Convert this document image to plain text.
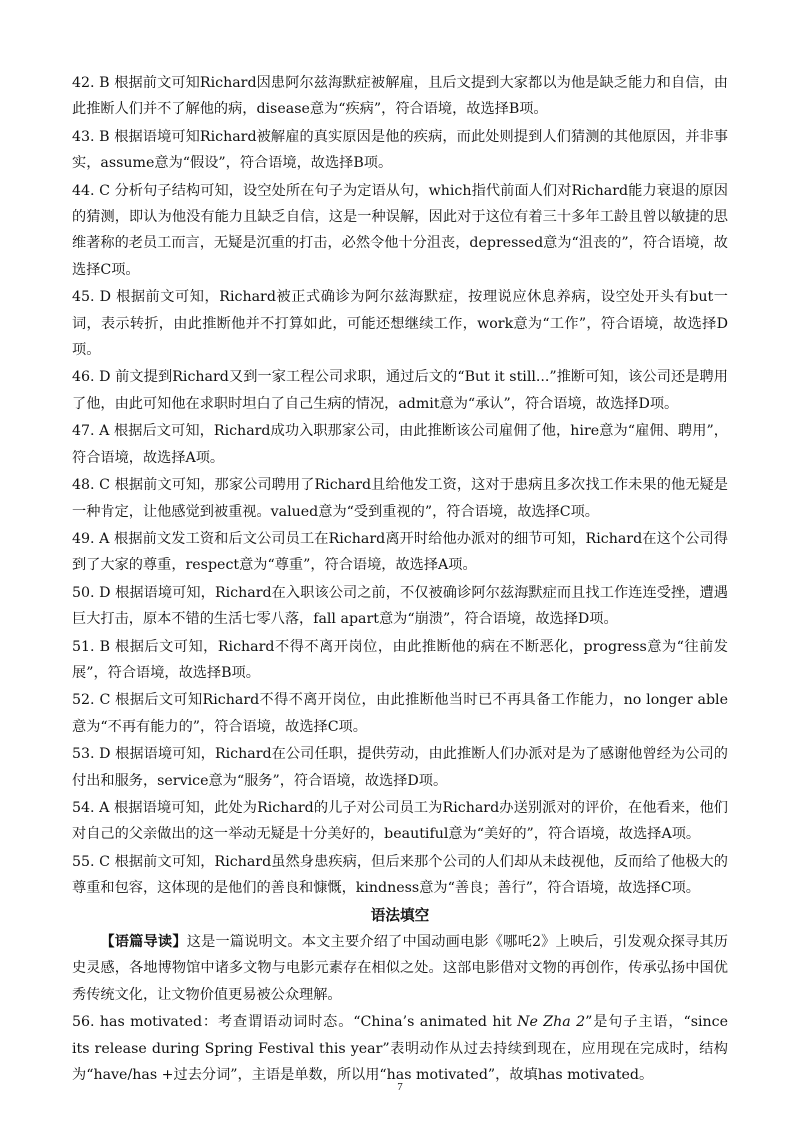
42. B 根据前文可知Richard因患阿尔兹海默症被解雇，且后文提到大家都以为他是缺乏能力和自信，由此推断人们并不了解他的病，disease意为“疾病”，符合语境，故选择B项。

43. B 根据语境可知Richard被解雇的真实原因是他的疾病，而此处则提到人们猜测的其他原因，并非事实，assume意为“假设”，符合语境，故选择B项。

44. C 分析句子结构可知，设空处所在句子为定语从句，which指代前面人们对Richard能力衰退的原因的猜测，即认为他没有能力且缺乏自信，这是一种误解，因此对于这位有着三十多年工龄且曾以敏捷的思维著称的老员工而言，无疑是沉重的打击，必然令他十分沮丧，depressed意为“沮丧的”，符合语境，故选择C项。

45. D 根据前文可知，Richard被正式确诊为阿尔兹海默症，按理说应休息养病，设空处开头有but一词，表示转折，由此推断他并不打算如此，可能还想继续工作，work意为“工作”，符合语境，故选择D项。

46. D 前文提到Richard又到一家工程公司求职，通过后文的“But it still...”推断可知，该公司还是聘用了他，由此可知他在求职时坦白了自己生病的情况，admit意为“承认”，符合语境，故选择D项。

47. A 根据后文可知，Richard成功入职那家公司，由此推断该公司雇佣了他，hire意为“雇佣、聘用”，符合语境，故选择A项。

48. C 根据前文可知，那家公司聘用了Richard且给他发工资，这对于患病且多次找工作未果的他无疑是一种肯定，让他感觉到被重视。valued意为“受到重视的”，符合语境，故选择C项。

49. A 根据前文发工资和后文公司员工在Richard离开时给他办派对的细节可知，Richard在这个公司得到了大家的尊重，respect意为“尊重”，符合语境，故选择A项。

50. D 根据语境可知，Richard在入职该公司之前，不仅被确诊阿尔兹海默症而且找工作连连受挫，遭遇巨大打击，原本不错的生活七零八落，fall apart意为“崩溃”，符合语境，故选择D项。

51. B 根据后文可知，Richard不得不离开岗位，由此推断他的病在不断恶化，progress意为“往前发展”，符合语境，故选择B项。

52. C 根据后文可知Richard不得不离开岗位，由此推断他当时已不再具备工作能力，no longer able意为“不再有能力的”，符合语境，故选择C项。

53. D 根据语境可知，Richard在公司任职，提供劳动，由此推断人们办派对是为了感谢他曾经为公司的付出和服务，service意为“服务”，符合语境，故选择D项。

54. A 根据语境可知，此处为Richard的儿子对公司员工为Richard办送别派对的评价，在他看来，他们对自己的父亲做出的这一举动无疑是十分美好的，beautiful意为“美好的”，符合语境，故选择A项。

55. C 根据前文可知，Richard虽然身患疾病，但后来那个公司的人们却从未歧视他，反而给了他极大的尊重和包容，这体现的是他们的善良和慷慨，kindness意为“善良；善行”，符合语境，故选择C项。

语法填空

【语篇导读】这是一篇说明文。本文主要介绍了中国动画电影《哪吒2》上映后，引发观众探寻其历史灵感，各地博物馆中诸多文物与电影元素存在相似之处。这部电影借对文物的再创作，传承弘扬中国优秀传统文化，让文物价值更易被公众理解。

56. has motivated：考查谓语动词时态。“China’s animated hit Ne Zha 2”是句子主语，“since its release during Spring Festival this year”表明动作从过去持续到现在，应用现在完成时，结构为“have/has +过去分词”，主语是单数，所以用“has motivated”，故填has motivated。

7
